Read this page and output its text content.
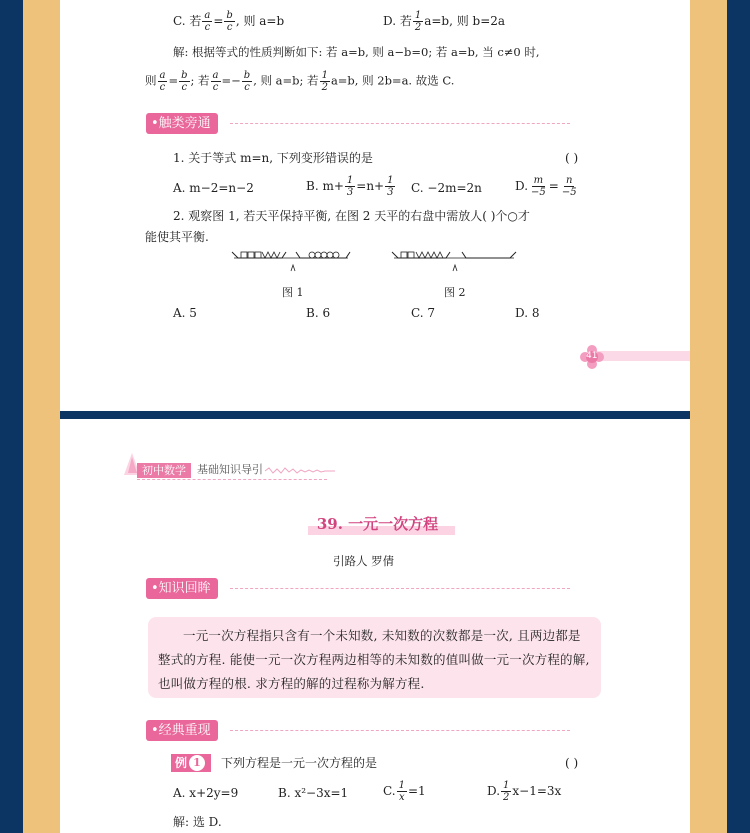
C. 若 $\frac{a}{c} = \frac{b}{c}$ , 则 a=b	D. 若 $\frac{1}{2} a=b$, 则 b=2a
解: 根据等式的性质判断如下: 若 a=b, 则 a−b=0; 若 a=b, 当 c≠0 时,
则 $\frac{a}{c} = \frac{b}{c}$ ; 若 $\frac{a}{c} =- \frac{b}{c}$ , 则 a=b; 若 $\frac{1}{2} a=b$, 则 2b=a. 故选 C.
•触类旁通
1. 关于等式 m=n, 下列变形错误的是	( )
A. m−2=n−2	B. $m+ \frac{1}{3} =n+ \frac{1}{3} C$. −2m=2n	D. $\frac{m}{-5} = \frac{n}{-5}$
2. 观察图 1, 若天平保持平衡, 在图 2 天平的右盘中需放人( )个○才
能使其平衡.
图 1	图 2
A. 5	B. 6	C. 7	D. 8
41
初中数学	基础知识导引
39. 一元一次方程
引路人 罗倩
•知识回眸
一元一次方程指只含有一个未知数, 未知数的次数都是一次, 且两边都是整式的方程. 能使一元一次方程两边相等的未知数的值叫做一元一次方程的解, 也叫做方程的根. 求方程的解的过程称为解方程.
•经典重现
例 1	下列方程是一元一次方程的是	( )
A. x+2y=9	B. x²−3x=1	C. $\frac{1}{x} =1$	D. $\frac{1}{2} x-1=3x$
解: 选 D.
